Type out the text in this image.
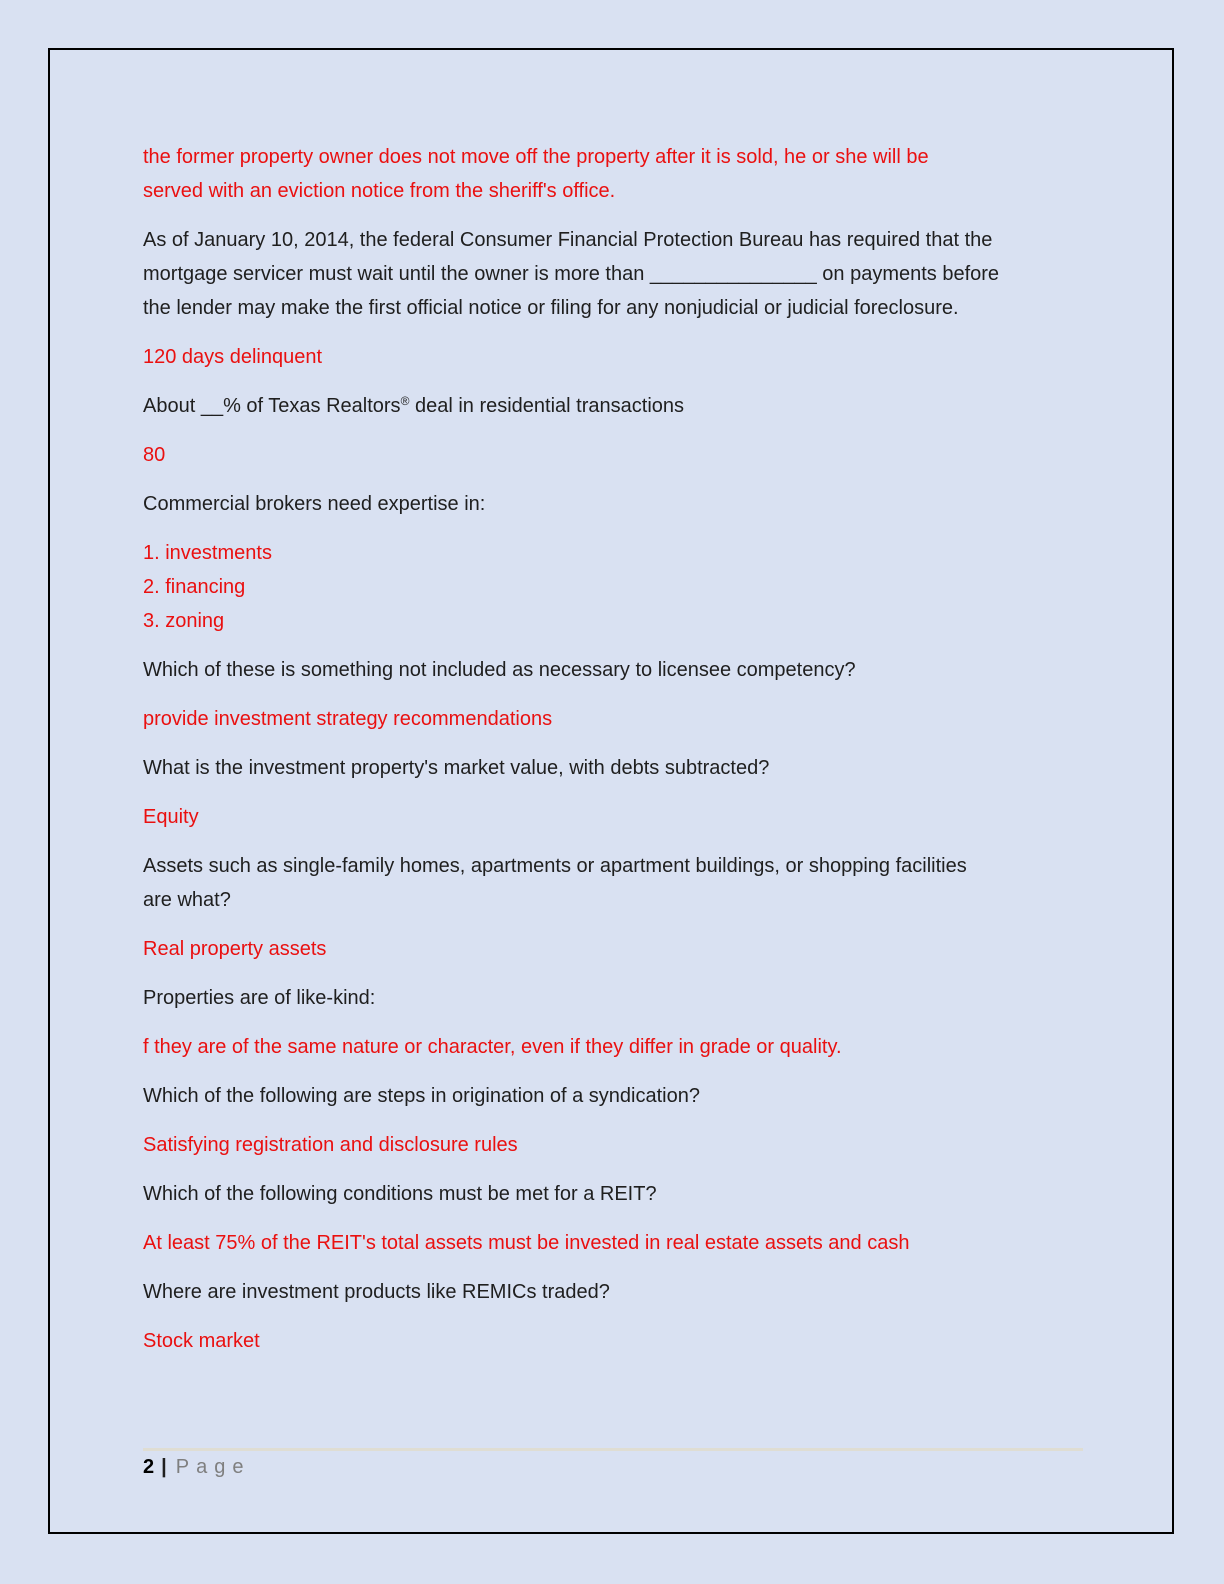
the former property owner does not move off the property after it is sold, he or she will be
served with an eviction notice from the sheriff's office.
As of January 10, 2014, the federal Consumer Financial Protection Bureau has required that the
mortgage servicer must wait until the owner is more than _______________ on payments before
the lender may make the first official notice or filing for any nonjudicial or judicial foreclosure.
120 days delinquent
About __% of Texas Realtors® deal in residential transactions
80
Commercial brokers need expertise in:
1. investments
2. financing
3. zoning
Which of these is something not included as necessary to licensee competency?
provide investment strategy recommendations
What is the investment property's market value, with debts subtracted?
Equity
Assets such as single-family homes, apartments or apartment buildings, or shopping facilities
are what?
Real property assets
Properties are of like-kind:
f they are of the same nature or character, even if they differ in grade or quality.
Which of the following are steps in origination of a syndication?
Satisfying registration and disclosure rules
Which of the following conditions must be met for a REIT?
At least 75% of the REIT's total assets must be invested in real estate assets and cash
Where are investment products like REMICs traded?
Stock market
2 | Page
